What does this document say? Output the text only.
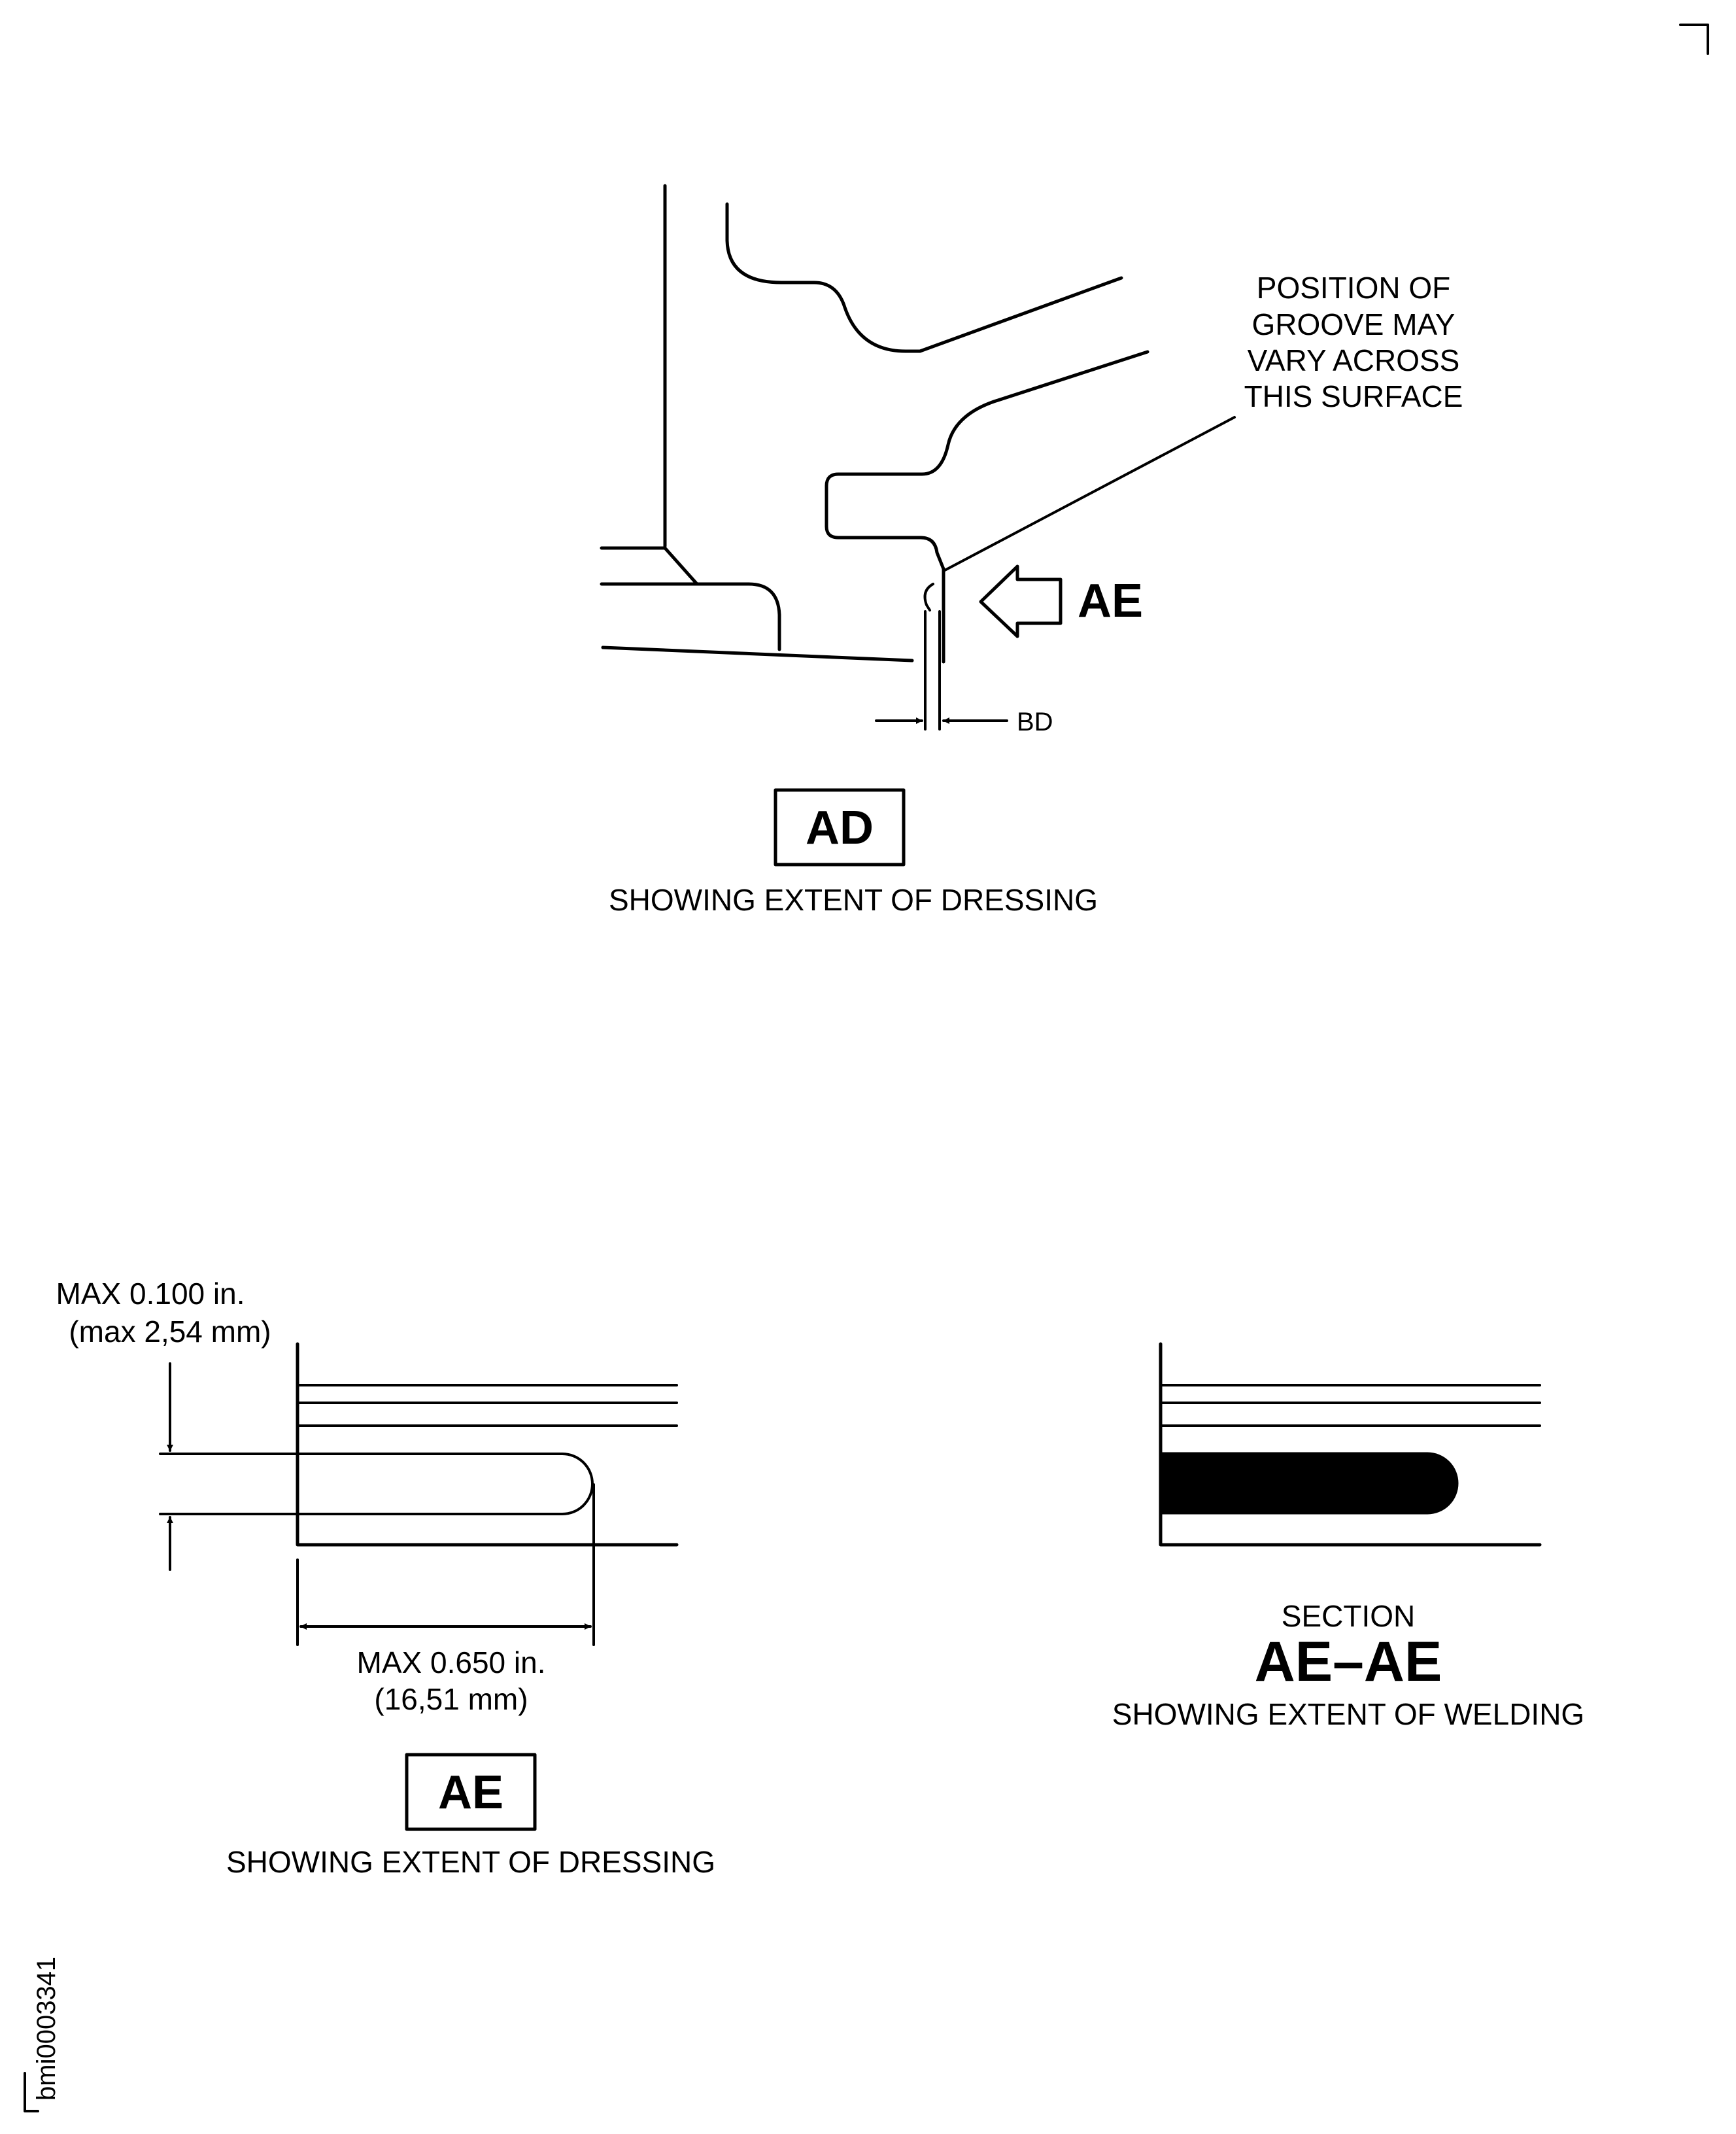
POSITION OF
GROOVE MAY
VARY ACROSS
THIS SURFACE
AE
BD
AD
SHOWING EXTENT OF DRESSING
MAX 0.100 in.
(max 2,54 mm)
MAX 0.650 in.
(16,51 mm)
AE
SHOWING EXTENT OF DRESSING
SECTION
AE–AE
SHOWING EXTENT OF WELDING
bmi0003341
